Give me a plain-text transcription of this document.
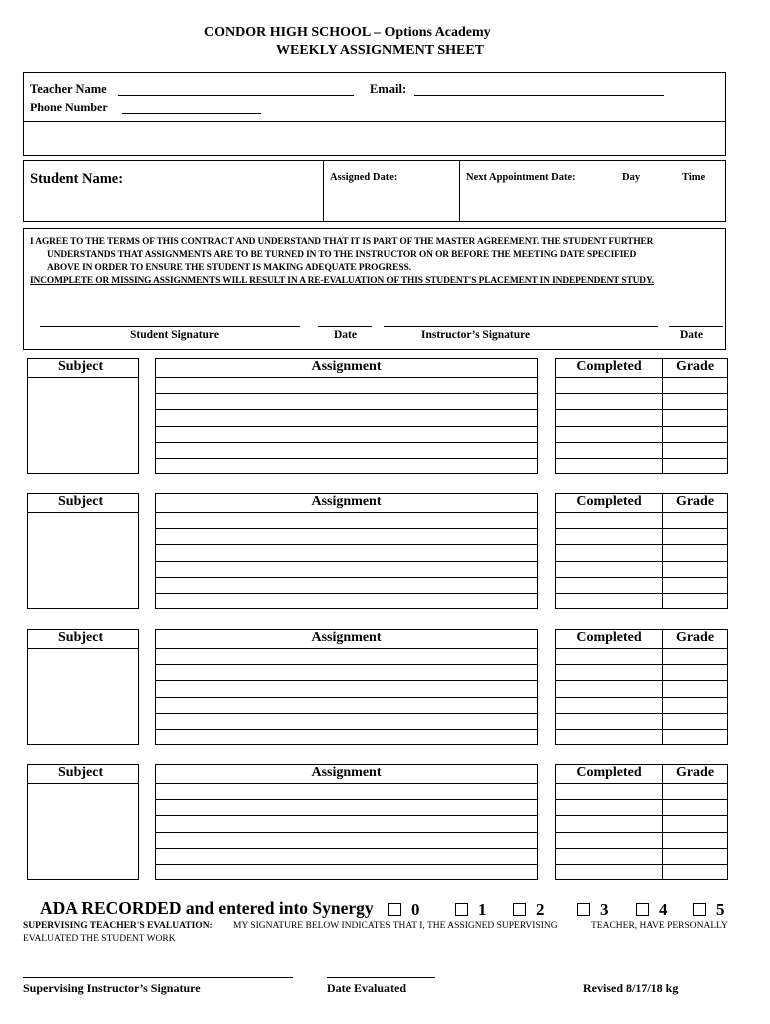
CONDOR HIGH SCHOOL – Options Academy
WEEKLY ASSIGNMENT SHEET
Teacher Name	Email:
Phone Number
Student Name:	Assigned Date:	Next Appointment Date:	Day	Time
I AGREE TO THE TERMS OF THIS CONTRACT AND UNDERSTAND THAT IT IS PART OF THE MASTER AGREEMENT. THE STUDENT FURTHER
UNDERSTANDS THAT ASSIGNMENTS ARE TO BE TURNED IN TO THE INSTRUCTOR ON OR BEFORE THE MEETING DATE SPECIFIED
ABOVE IN ORDER TO ENSURE THE STUDENT IS MAKING ADEQUATE PROGRESS.
INCOMPLETE OR MISSING ASSIGNMENTS WILL RESULT IN A RE-EVALUATION OF THIS STUDENT'S PLACEMENT IN INDEPENDENT STUDY.
Student Signature	Date	Instructor’s Signature	Date
Subject	Assignment	Completed	Grade
Subject	Assignment	Completed	Grade
Subject	Assignment	Completed	Grade
Subject	Assignment	Completed	Grade
ADA RECORDED and entered into Synergy	0	1	2	3	4	5
SUPERVISING TEACHER'S EVALUATION: MY SIGNATURE BELOW INDICATES THAT I, THE ASSIGNED SUPERVISING	TEACHER, HAVE PERSONALLY
EVALUATED THE STUDENT WORK
Supervising Instructor’s Signature	Date Evaluated	Revised 8/17/18 kg
